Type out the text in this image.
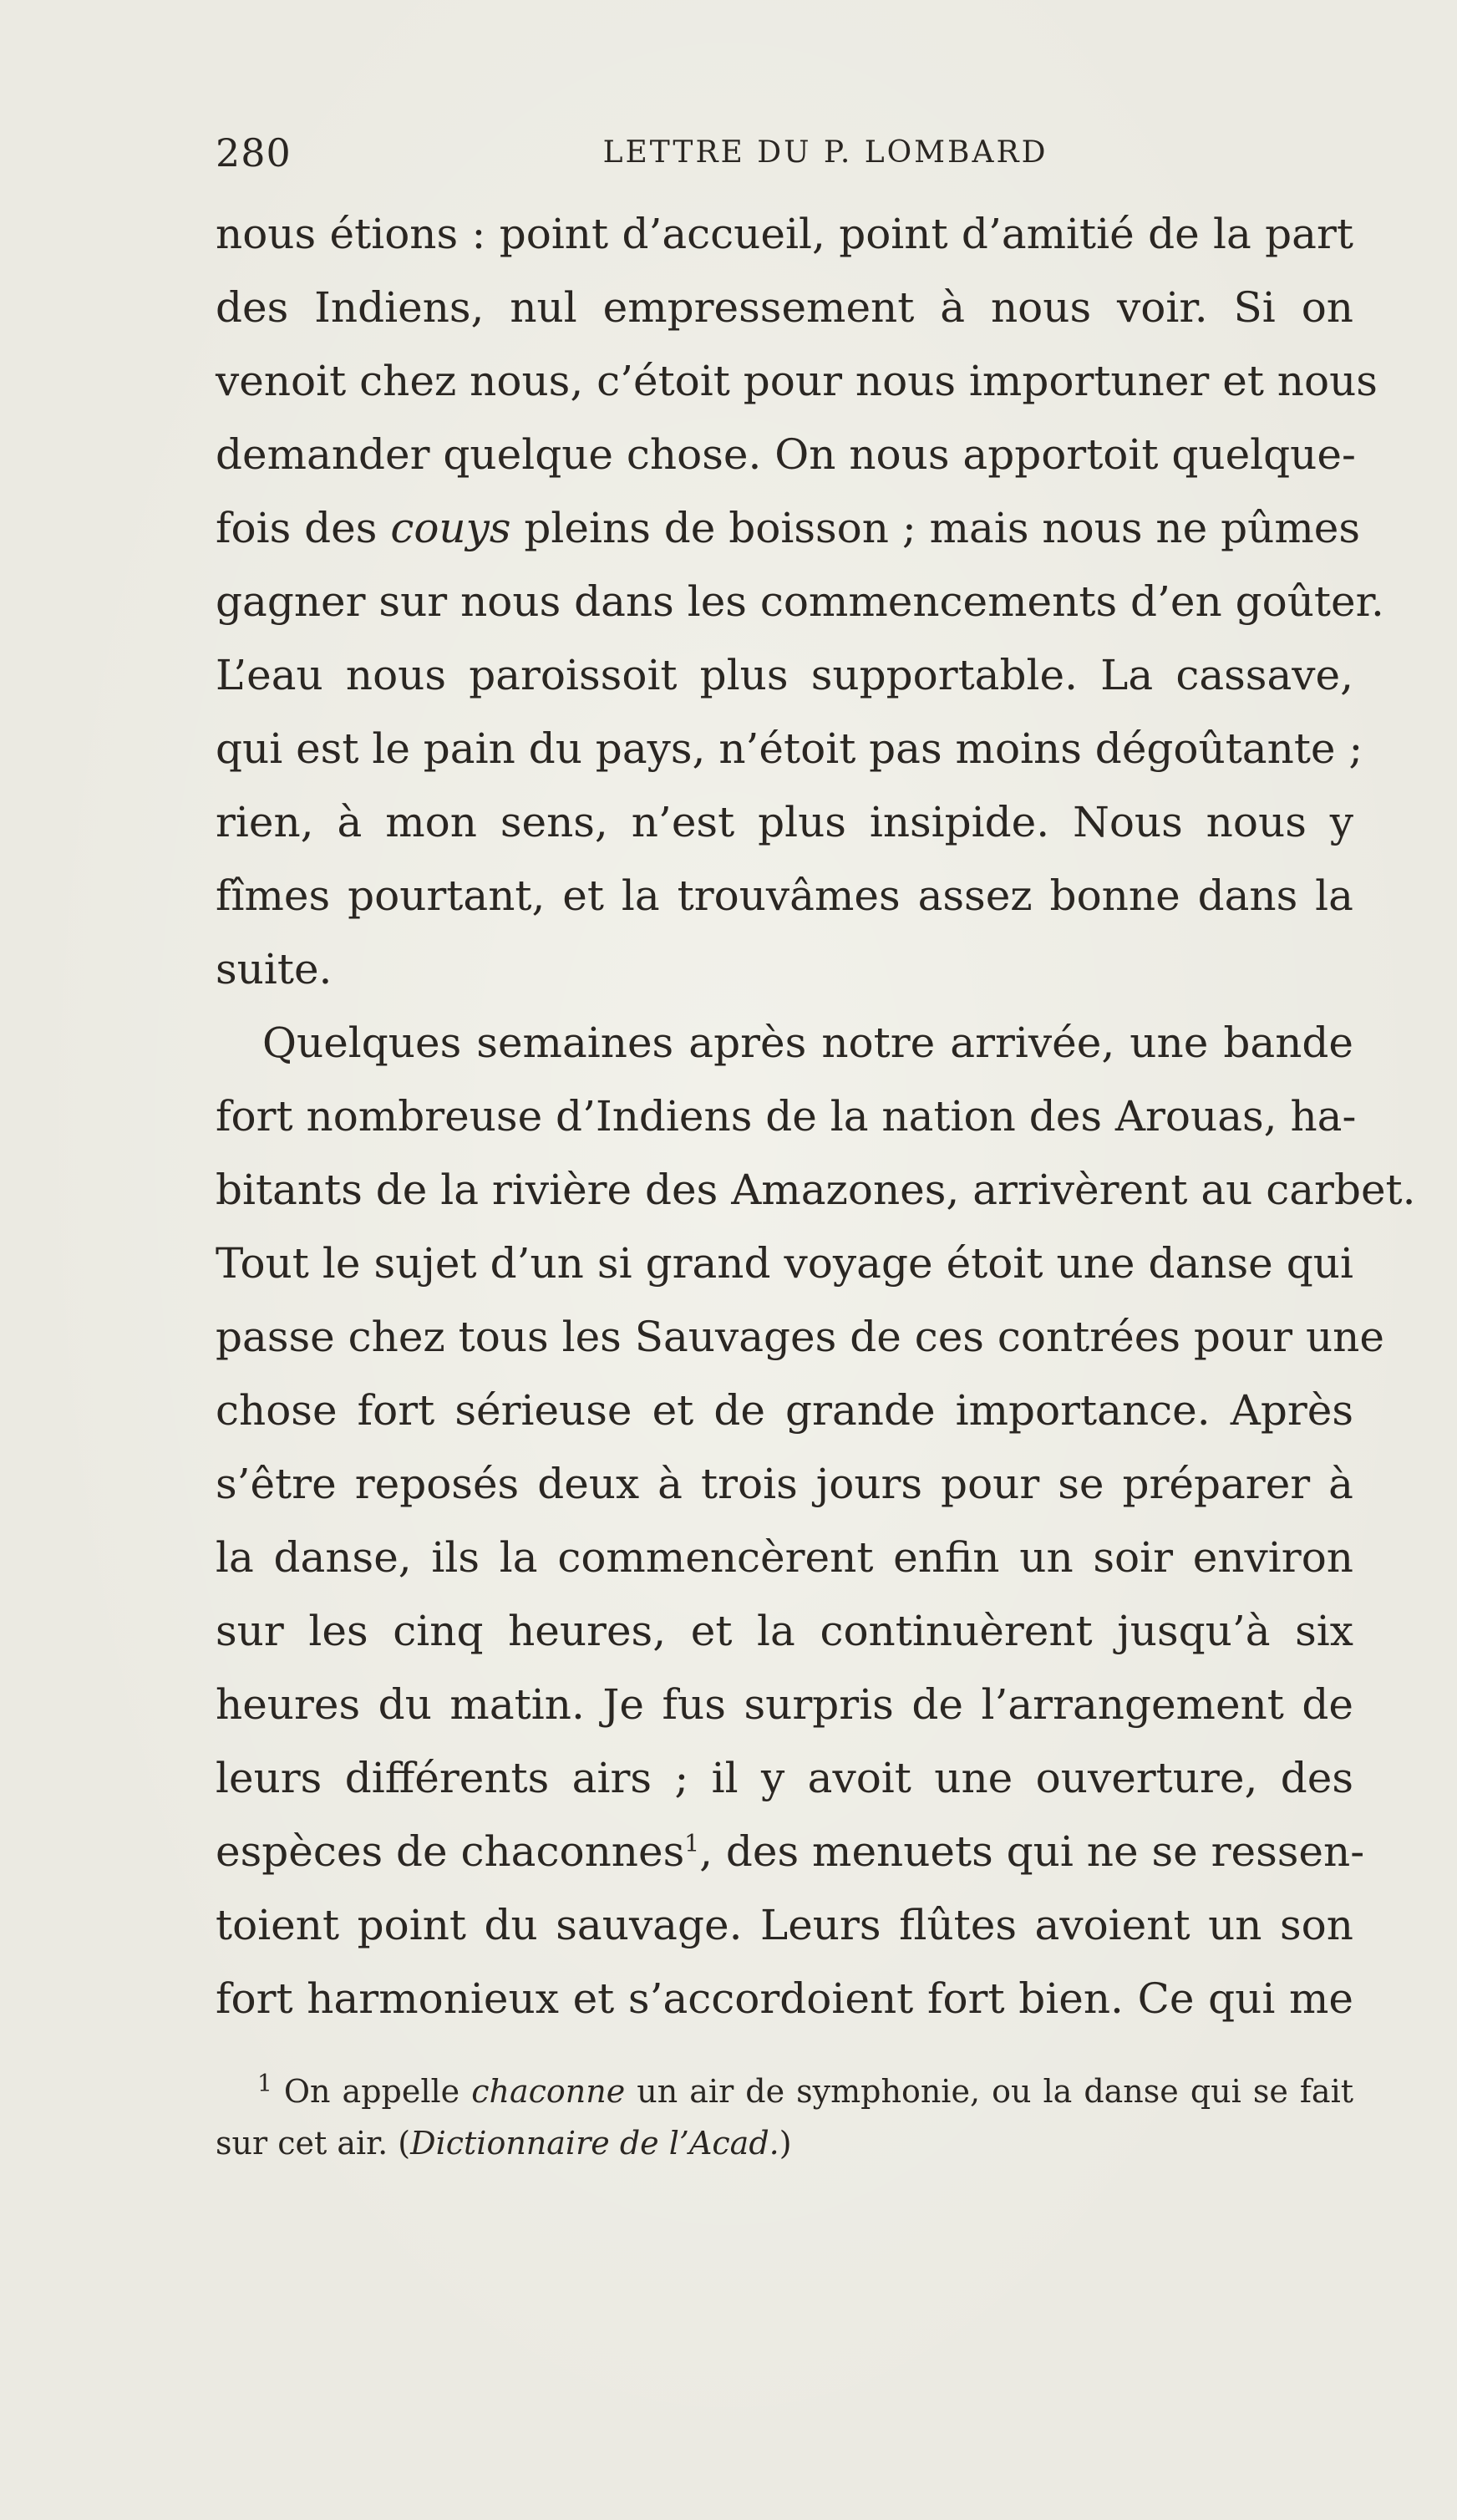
280	LETTRE DU P. LOMBARD
nous étions : point d’accueil, point d’amitié de la part
des Indiens, nul empressement à nous voir. Si on
venoit chez nous, c’étoit pour nous importuner et nous
demander quelque chose. On nous apportoit quelque-
fois des couys pleins de boisson ; mais nous ne pûmes
gagner sur nous dans les commencements d’en goûter.
L’eau nous paroissoit plus supportable. La cassave,
qui est le pain du pays, n’étoit pas moins dégoûtante ;
rien, à mon sens, n’est plus insipide. Nous nous y
fîmes pourtant, et la trouvâmes assez bonne dans la
suite.
Quelques semaines après notre arrivée, une bande
fort nombreuse d’Indiens de la nation des Arouas, ha-
bitants de la rivière des Amazones, arrivèrent au carbet.
Tout le sujet d’un si grand voyage étoit une danse qui
passe chez tous les Sauvages de ces contrées pour une
chose fort sérieuse et de grande importance. Après
s’être reposés deux à trois jours pour se préparer à
la danse, ils la commencèrent enfin un soir environ
sur les cinq heures, et la continuèrent jusqu’à six
heures du matin. Je fus surpris de l’arrangement de
leurs différents airs ; il y avoit une ouverture, des
espèces de chaconnes$^1$, des menuets qui ne se ressen-
toient point du sauvage. Leurs flûtes avoient un son
fort harmonieux et s’accordoient fort bien. Ce qui me
$^1$ On appelle chaconne un air de symphonie, ou la danse qui se fait
sur cet air. (Dictionnaire de l’Acad.)
